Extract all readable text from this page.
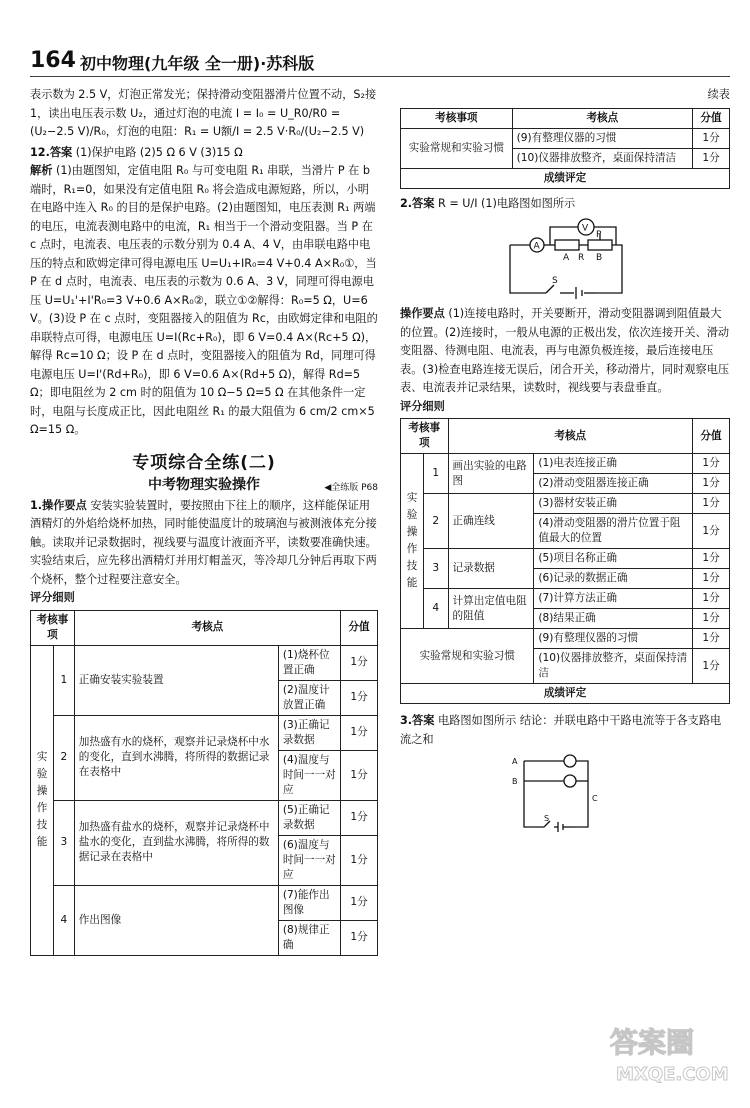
164 初中物理(九年级 全一册)·苏科版

表示数为 2.5 V，灯泡正常发光；保持滑动变阻器滑片位置不动，S₂接 1，读出电压表示数 U₂，通过灯泡的电流 I = I₀ = U_R0/R0 = (U₂−2.5 V)/R₀，灯泡的电阻：R₁ = U额/I = 2.5 V·R₀/(U₂−2.5 V)

12.答案 (1)保护电路 (2)5 Ω 6 V (3)15 Ω

解析 (1)由题图知，定值电阻 R₀ 与可变电阻 R₁ 串联，当滑片 P 在 b 端时，R₁=0，如果没有定值电阻 R₀ 将会造成电源短路，所以，小明在电路中连入 R₀ 的目的是保护电路。(2)由题图知，电压表测 R₁ 两端的电压，电流表测电路中的电流，R₁ 相当于一个滑动变阻器。当 P 在 c 点时，电流表、电压表的示数分别为 0.4 A、4 V，由串联电路中电压的特点和欧姆定律可得电源电压 U=U₁+IR₀=4 V+0.4 A×R₀①，当 P 在 d 点时，电流表、电压表的示数为 0.6 A、3 V，同理可得电源电压 U=U₁'+I'R₀=3 V+0.6 A×R₀②，联立①②解得：R₀=5 Ω，U=6 V。(3)设 P 在 c 点时，变阻器接入的阻值为 Rc，由欧姆定律和电阻的串联特点可得，电源电压 U=I(Rc+R₀)，即 6 V=0.4 A×(Rc+5 Ω)，解得 Rc=10 Ω；设 P 在 d 点时，变阻器接入的阻值为 Rd，同理可得电源电压 U=I'(Rd+R₀)，即 6 V=0.6 A×(Rd+5 Ω)，解得 Rd=5 Ω；即电阻丝为 2 cm 时的阻值为 10 Ω−5 Ω=5 Ω 在其他条件一定时，电阻与长度成正比，因此电阻丝 R₁ 的最大阻值为 6 cm/2 cm×5 Ω=15 Ω。

专项综合全练(二)
中考物理实验操作	◀全练版 P68

1.操作要点 安装实验装置时，要按照由下往上的顺序，这样能保证用酒精灯的外焰给烧杯加热，同时能使温度计的玻璃泡与被测液体充分接触。读取并记录数据时，视线要与温度计液面齐平，读数要准确快速。实验结束后，应先移出酒精灯并用灯帽盖灭，等冷却几分钟后再取下两个烧杯，整个过程要注意安全。

评分细则

考核事项		考核点		分值
实验操作技能	1	正确安装实验装置	(1)烧杯位置正确	1分
			(2)温度计放置正确	1分
	2	加热盛有水的烧杯，观察并记录烧杯中水的变化，直到水沸腾，将所得的数据记录在表格中	(3)正确记录数据	1分
			(4)温度与时间一一对应	1分
	3	加热盛有盐水的烧杯，观察并记录烧杯中盐水的变化，直到盐水沸腾，将所得的数据记录在表格中	(5)正确记录数据	1分
			(6)温度与时间一一对应	1分
	4	作出图像	(7)能作出图像	1分
			(8)规律正确	1分
续表
考核事项	考核点	分值
实验常规和实验习惯	(9)有整理仪器的习惯	1分
	(10)仪器排放整齐，桌面保持清洁	1分
成绩评定		

2.答案 R = U/I (1)电路图如图所示

A
V
A R B
P
S

操作要点 (1)连接电路时，开关要断开，滑动变阻器调到阻值最大的位置。(2)连接时，一般从电源的正极出发，依次连接开关、滑动变阻器、待测电阻、电流表，再与电源负极连接，最后连接电压表。(3)检查电路连接无误后，闭合开关，移动滑片，同时观察电压表、电流表并记录结果，读数时，视线要与表盘垂直。

评分细则

考核事项		考核点		分值
实验操作技能	1	画出实验的电路图	(1)电表连接正确	1分
			(2)滑动变阻器连接正确	1分
	2	正确连线	(3)器材安装正确	1分
			(4)滑动变阻器的滑片位置于阻值最大的位置	1分
	3	记录数据	(5)项目名称正确	1分
			(6)记录的数据正确	1分
	4	计算出定值电阻的阻值	(7)计算方法正确	1分
			(8)结果正确	1分
实验常规和实验习惯			(9)有整理仪器的习惯	1分
			(10)仪器排放整齐，桌面保持清洁	1分
成绩评定				

3.答案 电路图如图所示 结论：并联电路中干路电流等于各支路电流之和

A
B
C
S
答案圈
MXQE.COM
